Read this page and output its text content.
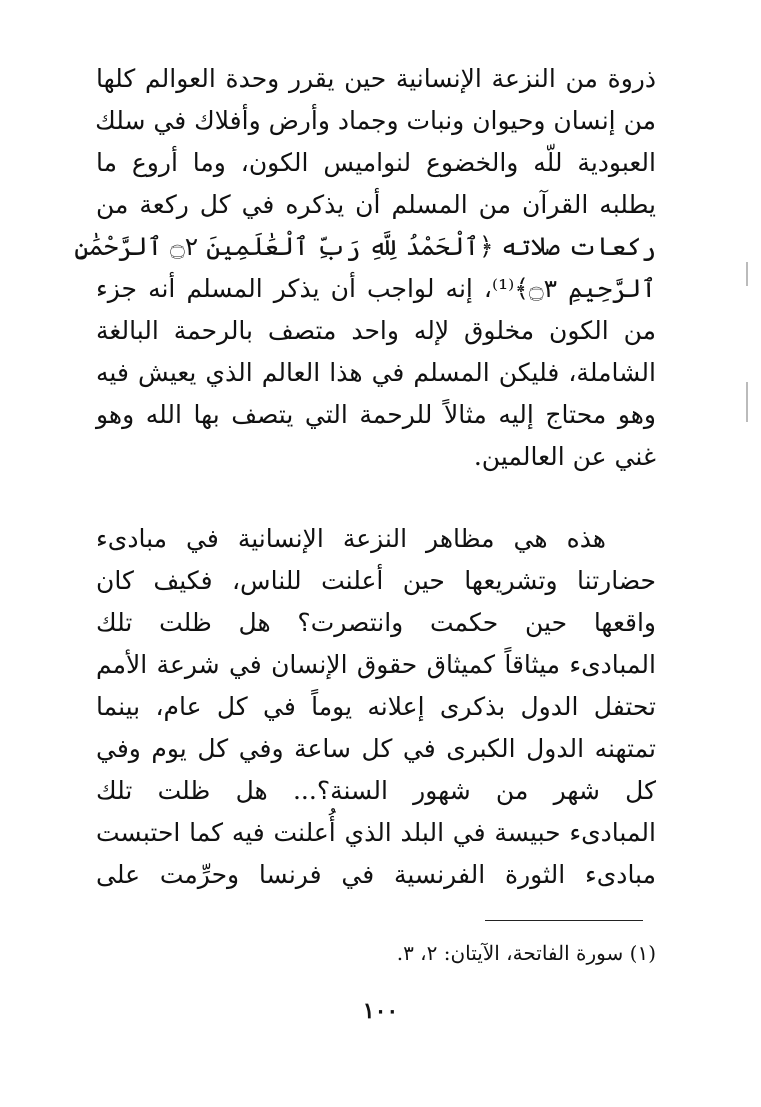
ذروة من النزعة الإنسانية حين يقرر وحدة العوالم كلها
من إنسان وحيوان ونبات وجماد وأرض وأفلاك في سلك
العبودية للّه والخضوع لنواميس الكون، وما أروع ما
يطلبه القرآن من المسلم أن يذكره في كل ركعة من
ركعات صلاته ﴿ٱلْحَمْدُ لِلَّهِ رَبِّ ٱلْعَٰلَمِينَ ۝٢ ٱلرَّحْمَٰنِ
ٱلرَّحِيمِ ۝٣﴾⁽¹⁾، إنه لواجب أن يذكر المسلم أنه جزء
من الكون مخلوق لإله واحد متصف بالرحمة البالغة
الشاملة، فليكن المسلم في هذا العالم الذي يعيش فيه
وهو محتاج إليه مثالاً للرحمة التي يتصف بها الله وهو
غني عن العالمين.
هذه هي مظاهر النزعة الإنسانية في مبادىء
حضارتنا وتشريعها حين أعلنت للناس، فكيف كان
واقعها حين حكمت وانتصرت؟ هل ظلت تلك
المبادىء ميثاقاً كميثاق حقوق الإنسان في شرعة الأمم
تحتفل الدول بذكرى إعلانه يوماً في كل عام، بينما
تمتهنه الدول الكبرى في كل ساعة وفي كل يوم وفي
كل شهر من شهور السنة؟... هل ظلت تلك
المبادىء حبيسة في البلد الذي أُعلنت فيه كما احتبست
مبادىء الثورة الفرنسية في فرنسا وحرِّمت على
(١) سورة الفاتحة، الآيتان: ٢، ٣.
١٠٠
